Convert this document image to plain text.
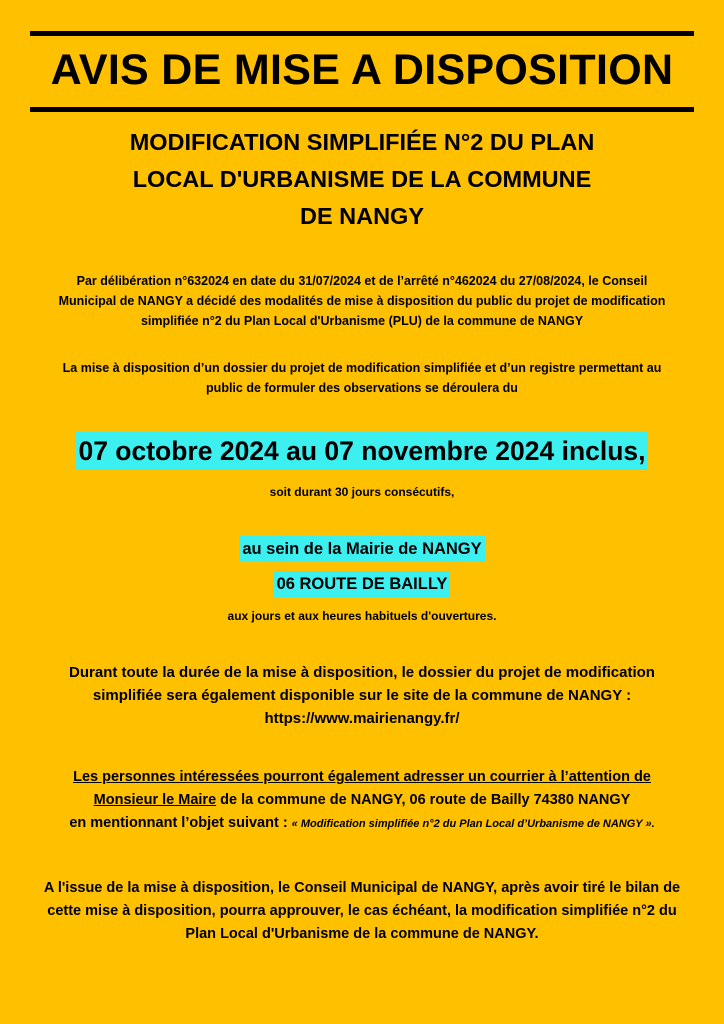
AVIS DE MISE A DISPOSITION
MODIFICATION SIMPLIFIÉE N°2 DU PLAN
LOCAL D'URBANISME DE LA COMMUNE
DE NANGY
Par délibération n°632024 en date du 31/07/2024 et de l’arrêté n°462024 du 27/08/2024, le Conseil
Municipal de NANGY a décidé des modalités de mise à disposition du public du projet de modification
simplifiée n°2 du Plan Local d'Urbanisme (PLU) de la commune de NANGY
La mise à disposition d’un dossier du projet de modification simplifiée et d’un registre permettant au
public de formuler des observations se déroulera du
07 octobre 2024 au 07 novembre 2024 inclus,
soit durant 30 jours consécutifs,
au sein de la Mairie de NANGY
06 ROUTE DE BAILLY
aux jours et aux heures habituels d'ouvertures.
Durant toute la durée de la mise à disposition, le dossier du projet de modification
simplifiée sera également disponible sur le site de la commune de NANGY :
https://www.mairienangy.fr/
Les personnes intéressées pourront également adresser un courrier à l’attention de
Monsieur le Maire de la commune de NANGY, 06 route de Bailly 74380 NANGY
en mentionnant l’objet suivant : « Modification simplifiée n°2 du Plan Local d’Urbanisme de NANGY ».
A l'issue de la mise à disposition, le Conseil Municipal de NANGY, après avoir tiré le bilan de
cette mise à disposition, pourra approuver, le cas échéant, la modification simplifiée n°2 du
Plan Local d'Urbanisme de la commune de NANGY.
